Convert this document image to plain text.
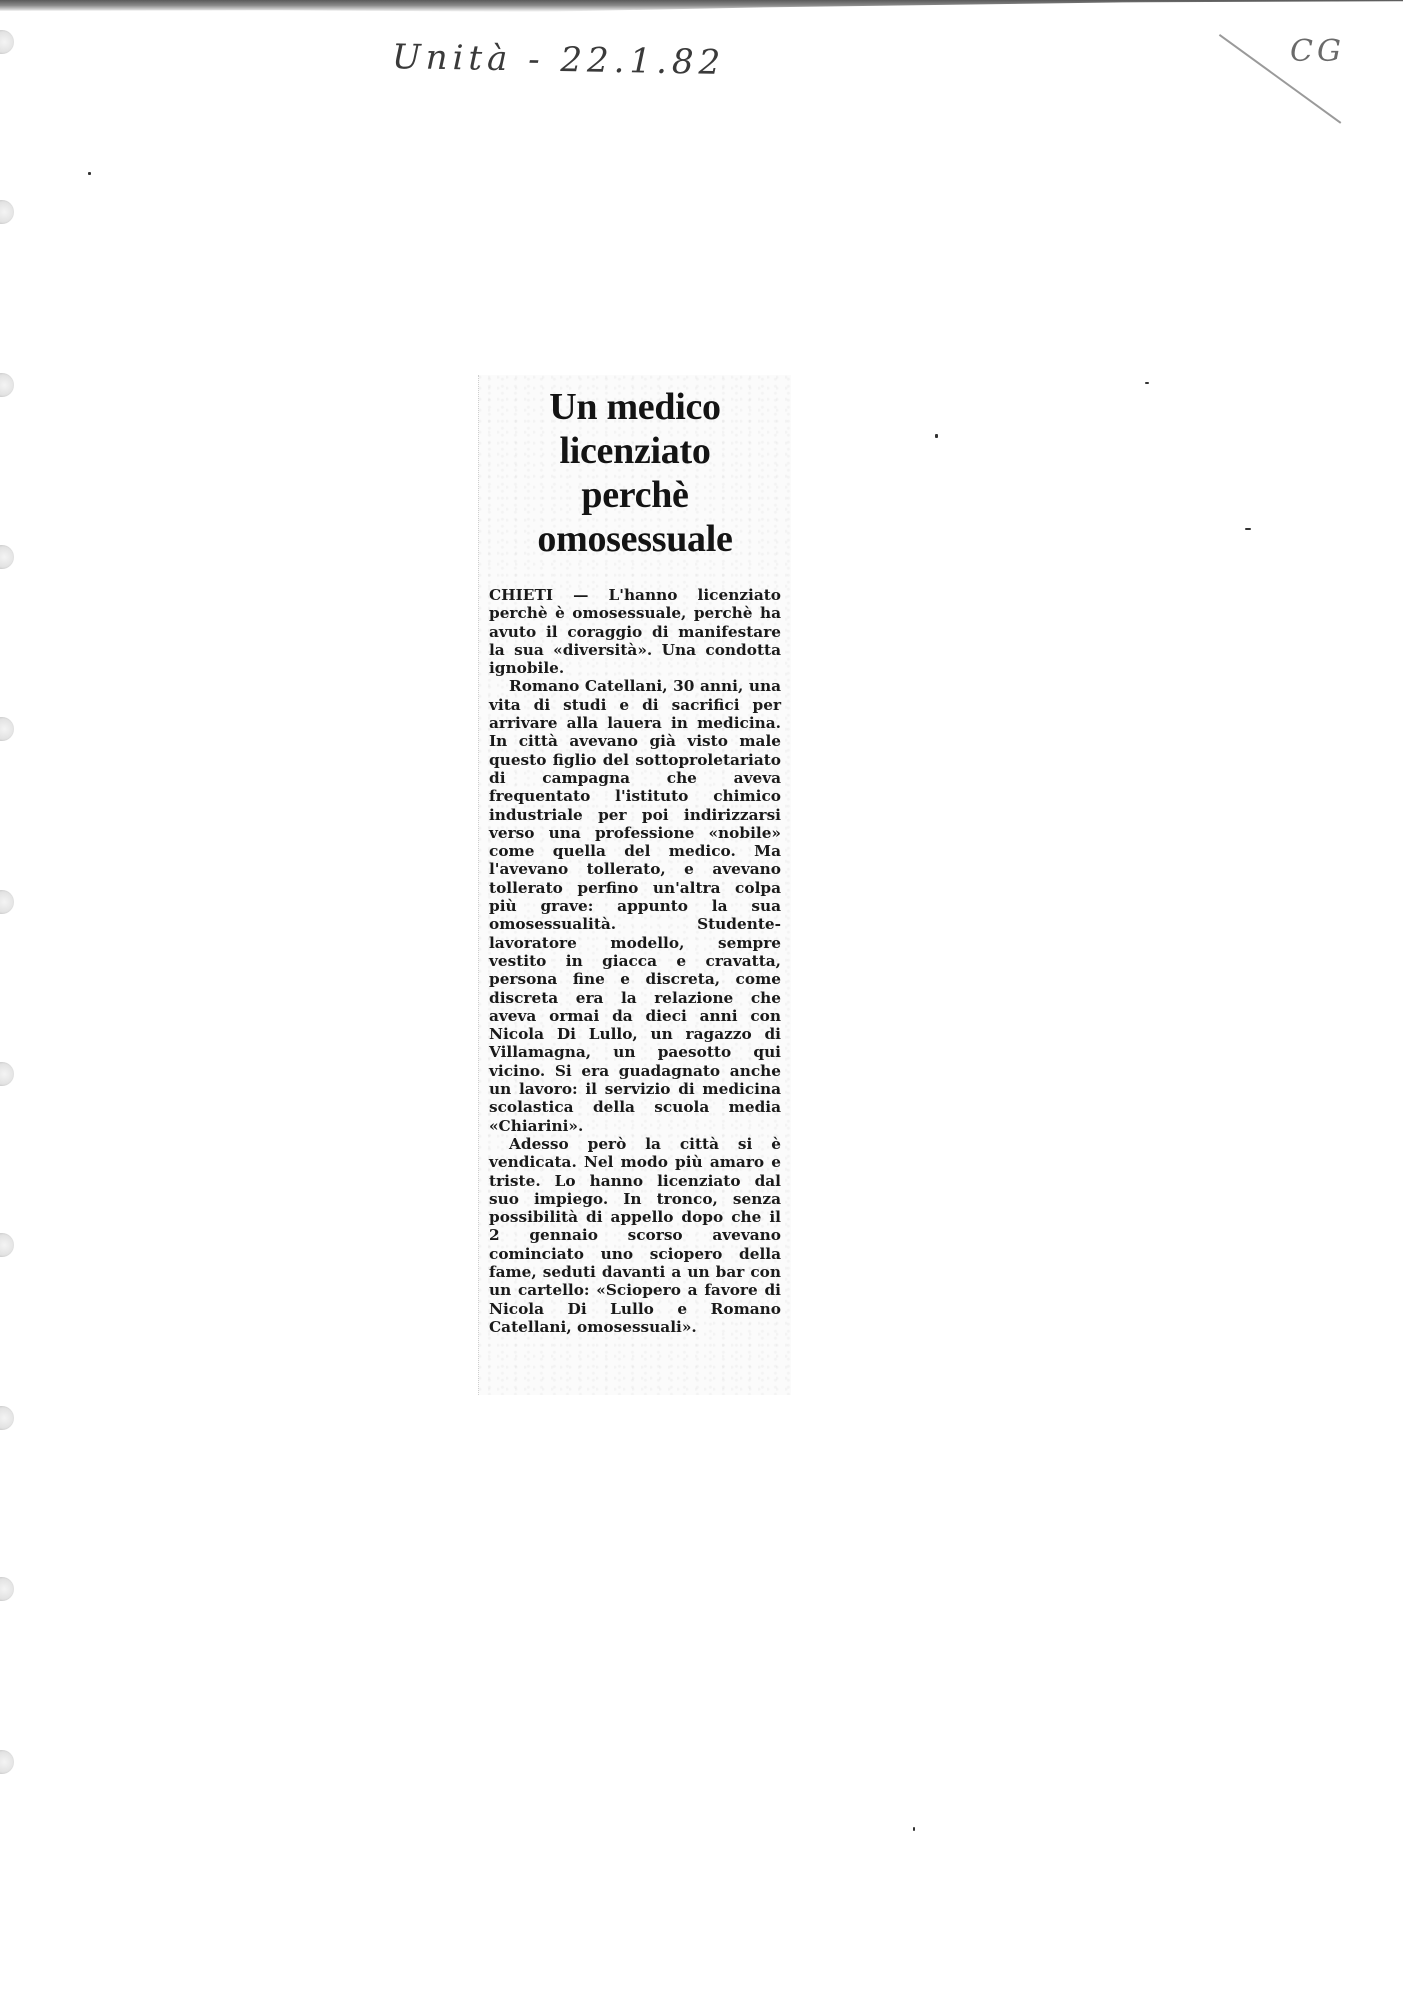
Unità - 22.1.82	CG
Un medico
licenziato
perchè
omosessuale

CHIETI — L'hanno licenziato perchè è omosessuale, perchè ha avuto il coraggio di manifestare la sua «diversità». Una condotta ignobile.

Romano Catellani, 30 anni, una vita di studi e di sacrifici per arrivare alla lauera in medicina. In città avevano già visto male questo figlio del sottoproletariato di campagna che aveva frequentato l'istituto chimico industriale per poi indirizzarsi verso una professione «nobile» come quella del medico. Ma l'avevano tollerato, e avevano tollerato perfino un'altra colpa più grave: appunto la sua omosessualità. Studente-lavoratore modello, sempre vestito in giacca e cravatta, persona fine e discreta, come discreta era la relazione che aveva ormai da dieci anni con Nicola Di Lullo, un ragazzo di Villamagna, un paesotto qui vicino. Si era guadagnato anche un lavoro: il servizio di medicina scolastica della scuola media «Chiarini».

Adesso però la città si è vendicata. Nel modo più amaro e triste. Lo hanno licenziato dal suo impiego. In tronco, senza possibilità di appello dopo che il 2 gennaio scorso avevano cominciato uno sciopero della fame, seduti davanti a un bar con un cartello: «Sciopero a favore di Nicola Di Lullo e Romano Catellani, omosessuali».
